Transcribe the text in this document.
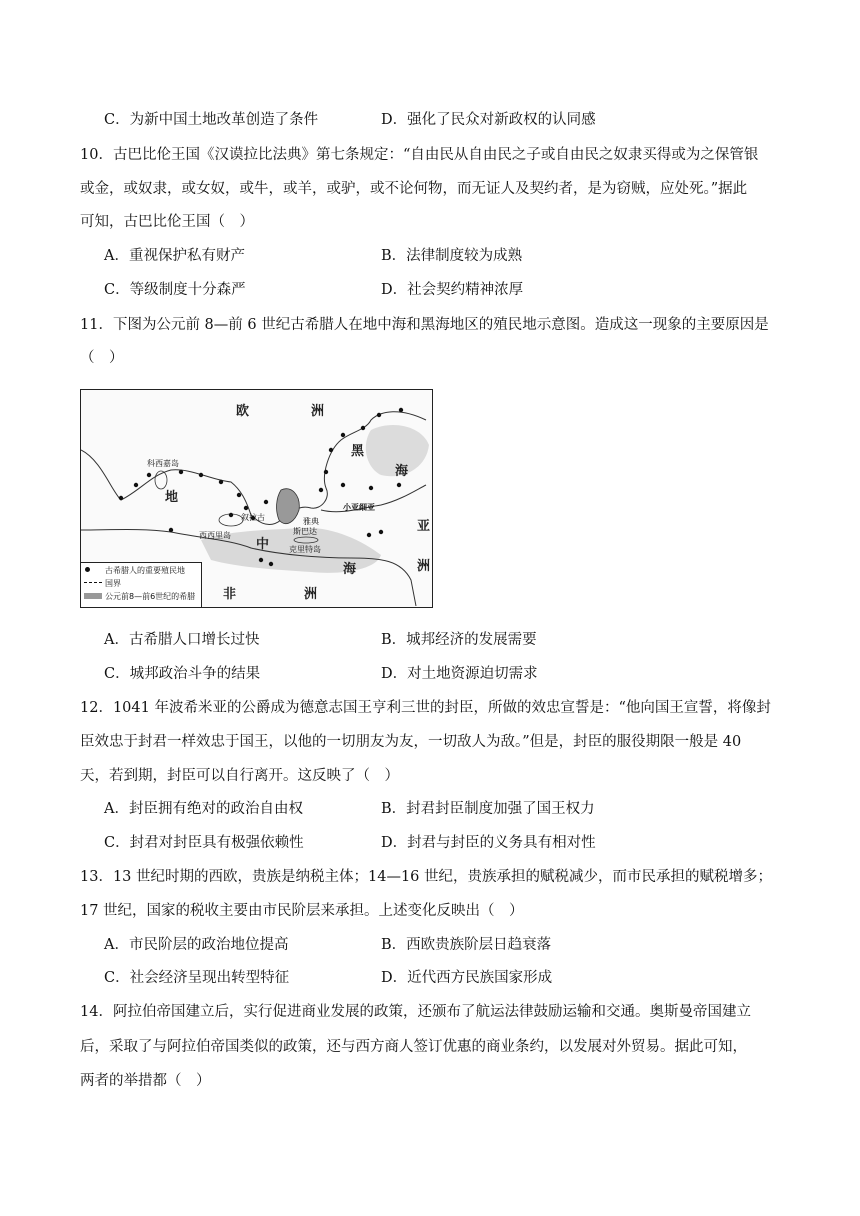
C．为新中国土地改革创造了条件	D．强化了民众对新政权的认同感
10．古巴比伦王国《汉谟拉比法典》第七条规定：“自由民从自由民之子或自由民之奴隶买得或为之保管银
或金，或奴隶，或女奴，或牛，或羊，或驴，或不论何物，而无证人及契约者，是为窃贼，应处死。”据此
可知，古巴比伦王国（　）
A．重视保护私有财产	B．法律制度较为成熟
C．等级制度十分森严	D．社会契约精神浓厚
11．下图为公元前 8—前 6 世纪古希腊人在地中海和黑海地区的殖民地示意图。造成这一现象的主要原因是
（　）
欧	洲
黑
海
亚
洲
非	洲
地
中
海
科西嘉岛
西西里岛
叙拉古	雅典
斯巴达
克里特岛
小亚细亚
古希腊人的重要殖民地
国界
公元前8—前6世纪的希腊
A．古希腊人口增长过快	B．城邦经济的发展需要
C．城邦政治斗争的结果	D．对土地资源迫切需求
12．1041 年波希米亚的公爵成为德意志国王亨利三世的封臣，所做的效忠宣誓是：“他向国王宣誓，将像封
臣效忠于封君一样效忠于国王，以他的一切朋友为友，一切敌人为敌。”但是，封臣的服役期限一般是 40
天，若到期，封臣可以自行离开。这反映了（　）
A．封臣拥有绝对的政治自由权	B．封君封臣制度加强了国王权力
C．封君对封臣具有极强依赖性	D．封君与封臣的义务具有相对性
13．13 世纪时期的西欧，贵族是纳税主体；14—16 世纪，贵族承担的赋税减少，而市民承担的赋税增多；
17 世纪，国家的税收主要由市民阶层来承担。上述变化反映出（　）
A．市民阶层的政治地位提高	B．西欧贵族阶层日趋衰落
C．社会经济呈现出转型特征	D．近代西方民族国家形成
14．阿拉伯帝国建立后，实行促进商业发展的政策，还颁布了航运法律鼓励运输和交通。奥斯曼帝国建立
后，采取了与阿拉伯帝国类似的政策，还与西方商人签订优惠的商业条约，以发展对外贸易。据此可知，
两者的举措都（　）
